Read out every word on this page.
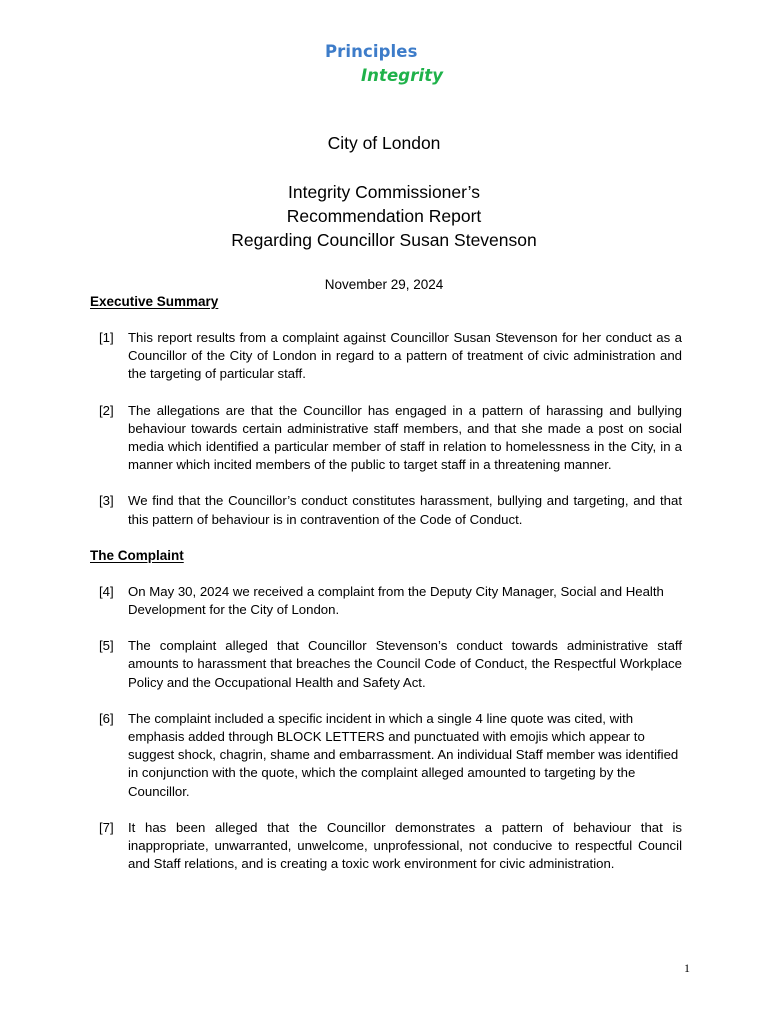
Principles
Integrity
City of London
Integrity Commissioner’s
Recommendation Report
Regarding Councillor Susan Stevenson
November 29, 2024
Executive Summary
[1]	This report results from a complaint against Councillor Susan Stevenson for her conduct as a Councillor of the City of London in regard to a pattern of treatment of civic administration and the targeting of particular staff.
[2]	The allegations are that the Councillor has engaged in a pattern of harassing and bullying behaviour towards certain administrative staff members, and that she made a post on social media which identified a particular member of staff in relation to homelessness in the City, in a manner which incited members of the public to target staff in a threatening manner.
[3]	We find that the Councillor’s conduct constitutes harassment, bullying and targeting, and that this pattern of behaviour is in contravention of the Code of Conduct.
The Complaint
[4]	On May 30, 2024 we received a complaint from the Deputy City Manager, Social and Health Development for the City of London.
[5]	The complaint alleged that Councillor Stevenson’s conduct towards administrative staff amounts to harassment that breaches the Council Code of Conduct, the Respectful Workplace Policy and the Occupational Health and Safety Act.
[6]	The complaint included a specific incident in which a single 4 line quote was cited, with emphasis added through BLOCK LETTERS and punctuated with emojis which appear to suggest shock, chagrin, shame and embarrassment. An individual Staff member was identified in conjunction with the quote, which the complaint alleged amounted to targeting by the Councillor.
[7]	It has been alleged that the Councillor demonstrates a pattern of behaviour that is inappropriate, unwarranted, unwelcome, unprofessional, not conducive to respectful Council and Staff relations, and is creating a toxic work environment for civic administration.
1
